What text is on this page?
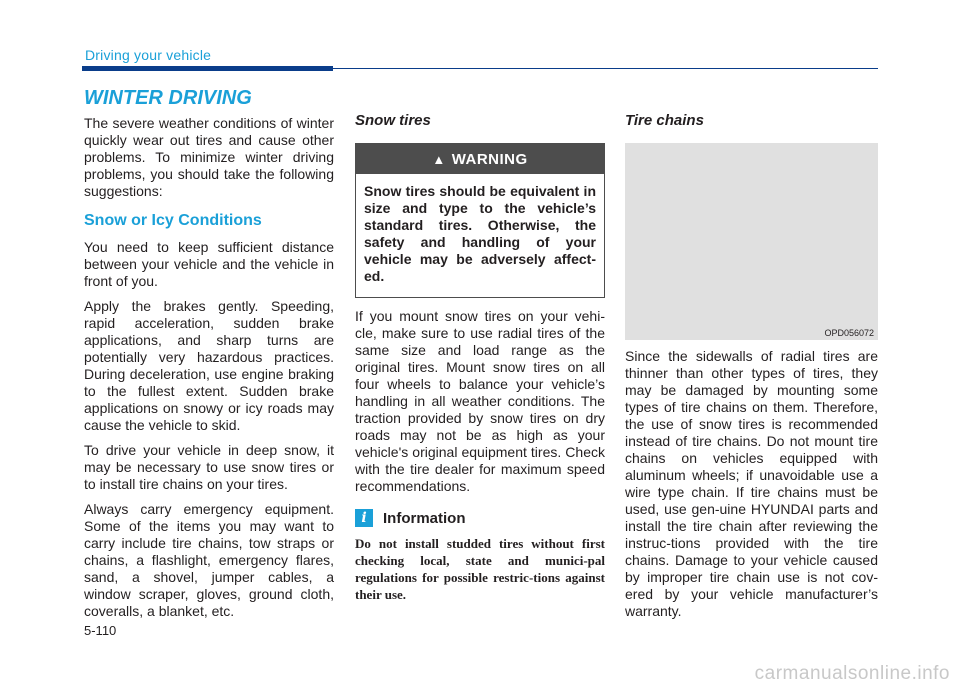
Driving your vehicle
WINTER DRIVING

The severe weather conditions of winter quickly wear out tires and cause other problems. To minimize winter driving problems, you should take the following suggestions:

Snow or Icy Conditions

You need to keep sufficient distance between your vehicle and the vehicle in front of you.

Apply the brakes gently. Speeding, rapid acceleration, sudden brake applications, and sharp turns are potentially very hazardous practices. During deceleration, use engine braking to the fullest extent. Sudden brake applications on snowy or icy roads may cause the vehicle to skid.

To drive your vehicle in deep snow, it may be necessary to use snow tires or to install tire chains on your tires.

Always carry emergency equipment. Some of the items you may want to carry include tire chains, tow straps or chains, a flashlight, emergency flares, sand, a shovel, jumper cables, a window scraper, gloves, ground cloth, coveralls, a blanket, etc.

Snow tires
▲ WARNING
Snow tires should be equivalent in size and type to the vehicle’s standard tires. Otherwise, the safety and handling of your vehicle may be adversely affect-ed.

If you mount snow tires on your vehi-cle, make sure to use radial tires of the same size and load range as the original tires. Mount snow tires on all four wheels to balance your vehicle’s handling in all weather conditions. The traction provided by snow tires on dry roads may not be as high as your vehicle's original equipment tires. Check with the tire dealer for maximum speed recommendations.

i	Information
Do not install studded tires without first checking local, state and munici-pal regulations for possible restric-tions against their use.
Tire chains
OPD056072

Since the sidewalls of radial tires are thinner than other types of tires, they may be damaged by mounting some types of tire chains on them. Therefore, the use of snow tires is recommended instead of tire chains. Do not mount tire chains on vehicles equipped with aluminum wheels; if unavoidable use a wire type chain. If tire chains must be used, use gen-uine HYUNDAI parts and install the tire chain after reviewing the instruc-tions provided with the tire chains. Damage to your vehicle caused by improper tire chain use is not cov-ered by your vehicle manufacturer’s warranty.

5-110
carmanualsonline.info
